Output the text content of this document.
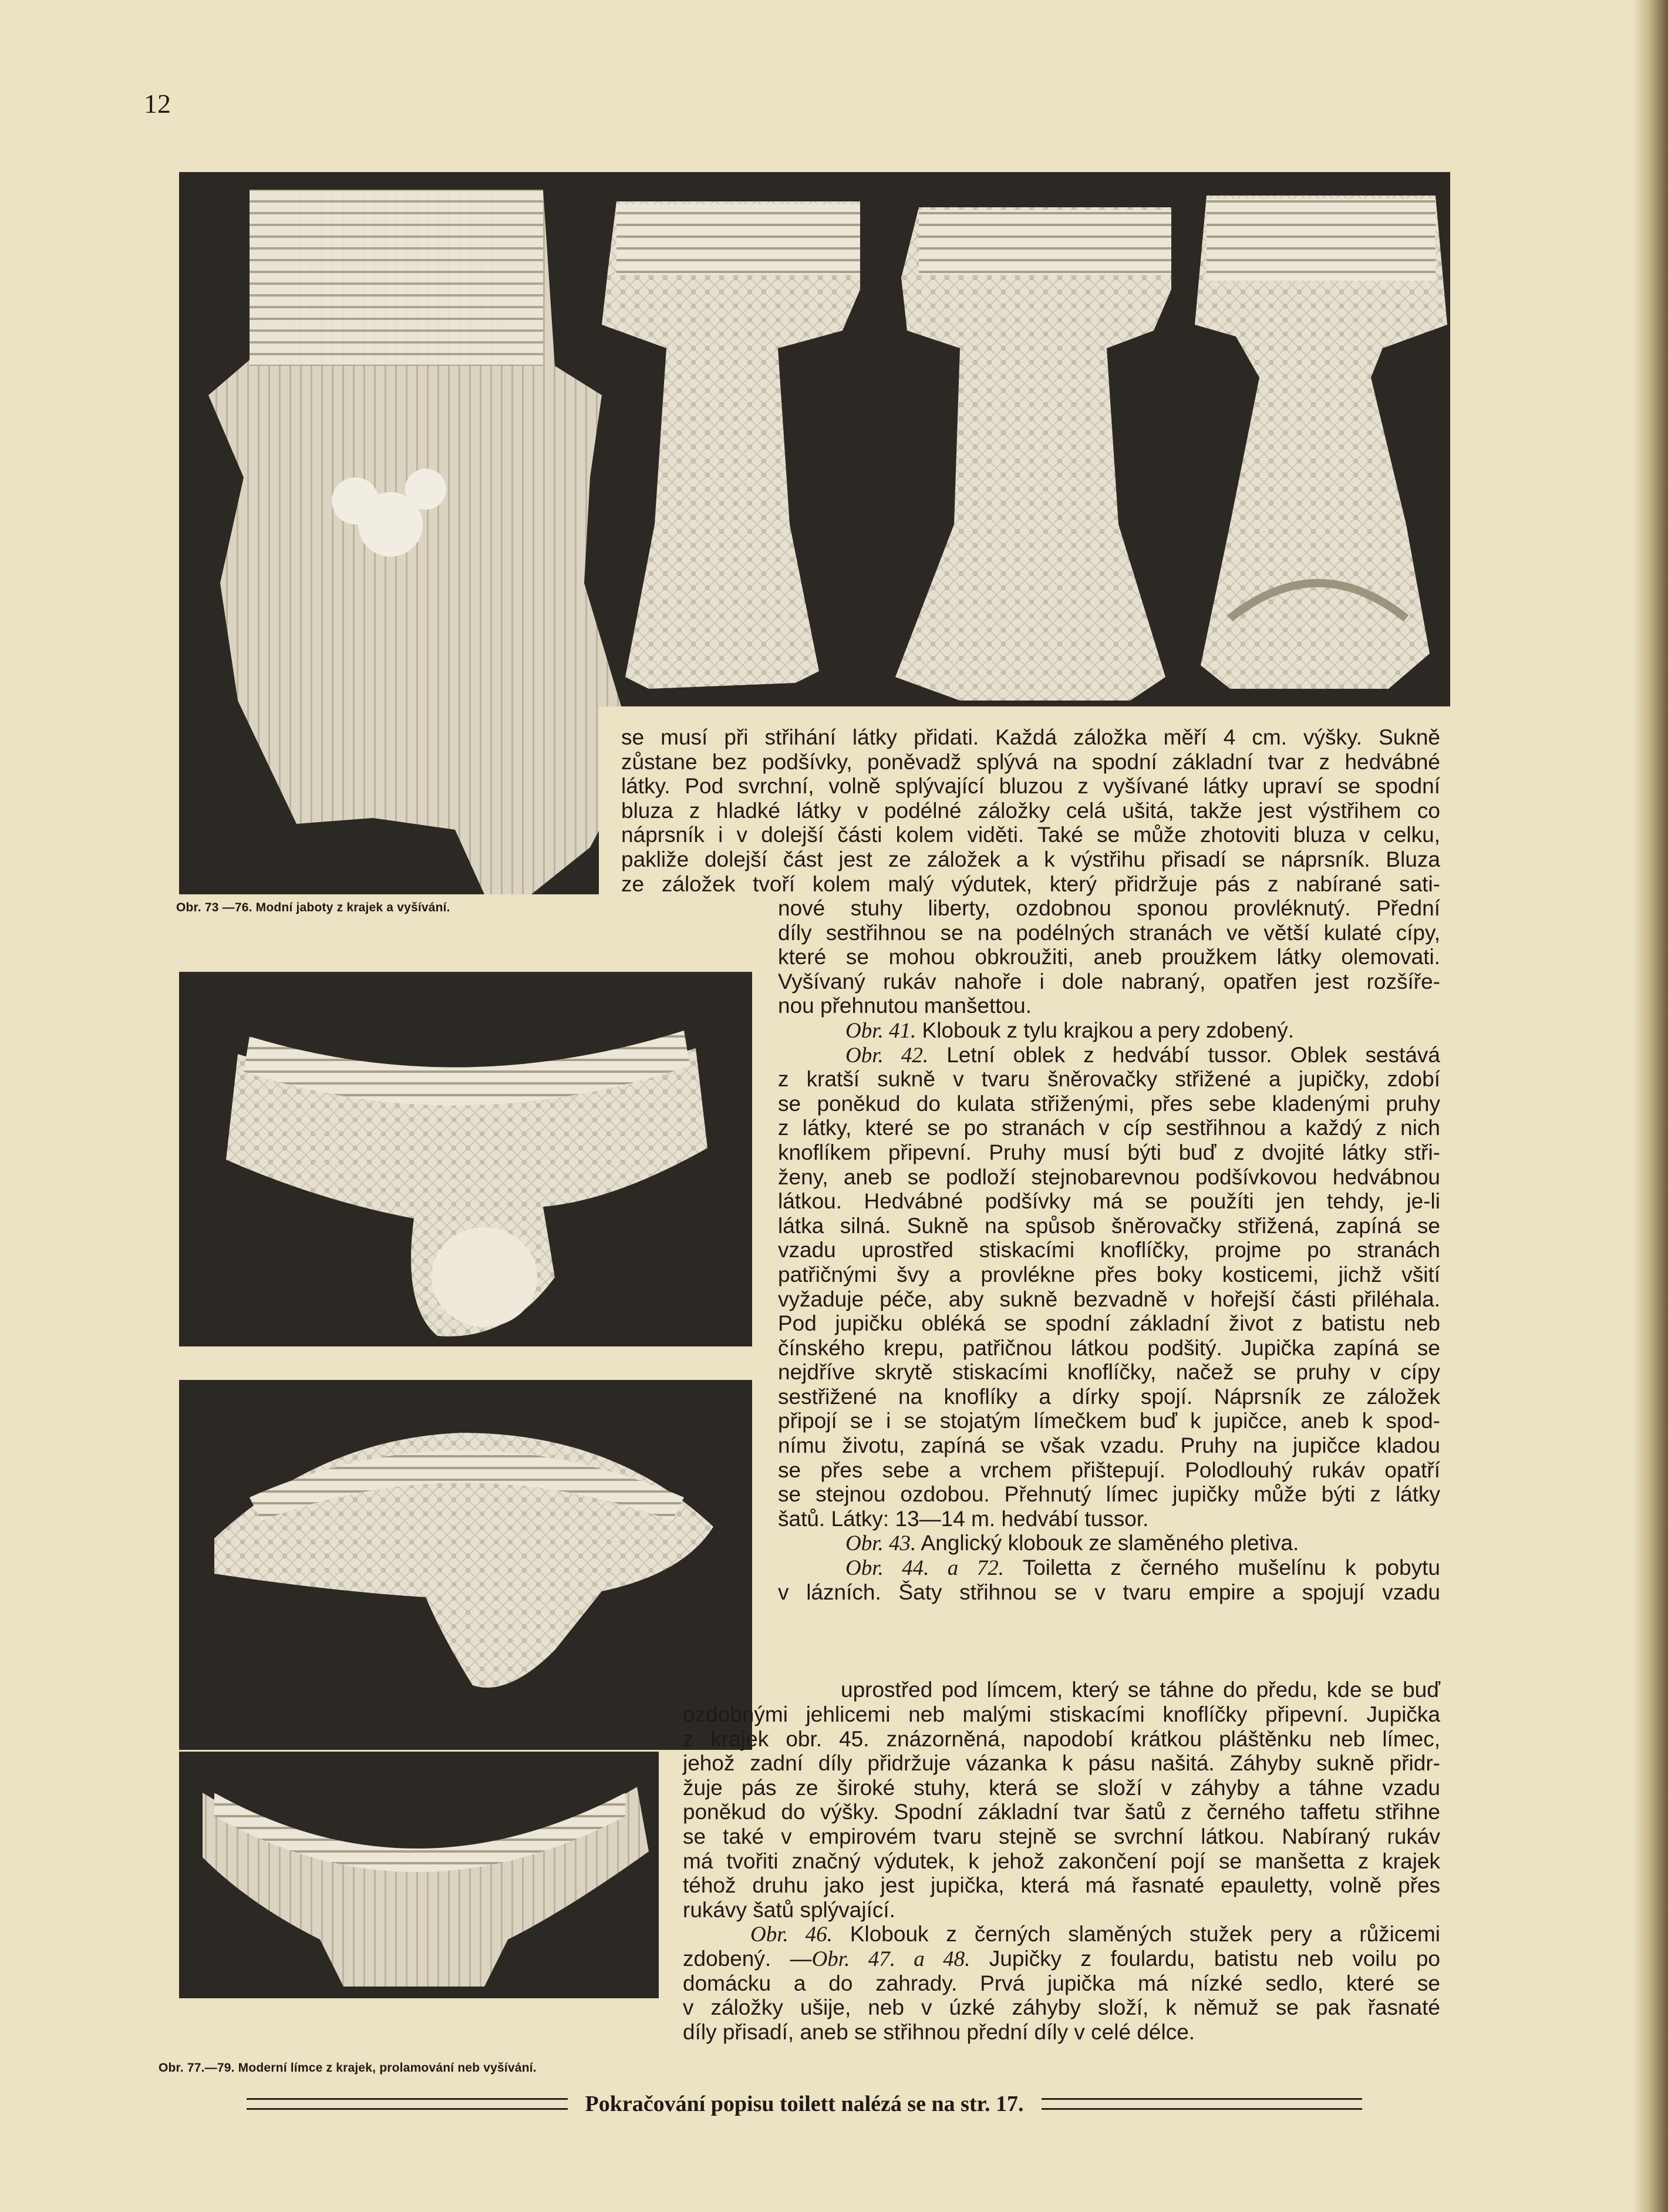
12
Obr. 73 —76. Modní jaboty z krajek a vyšívání.
Obr. 77.—79. Moderní límce z krajek, prolamování neb vyšívání.
se musí při střihání látky přidati. Každá záložka měří 4 cm. výšky. Sukně
zůstane bez podšívky, poněvadž splývá na spodní základní tvar z hedvábné
látky. Pod svrchní, volně splývající bluzou z vyšívané látky upraví se spodní
bluza z hladké látky v podélné záložky celá ušitá, takže jest výstřihem co
náprsník i v dolejší části kolem viděti. Také se může zhotoviti bluza v celku,
pakliže dolejší část jest ze záložek a k výstřihu přisadí se náprsník. Bluza
ze záložek tvoří kolem malý výdutek, který přidržuje pás z nabírané sati-
nové stuhy liberty, ozdobnou sponou provléknutý. Přední
díly sestřihnou se na podélných stranách ve větší kulaté cípy,
které se mohou obkroužiti, aneb proužkem látky olemovati.
Vyšívaný rukáv nahoře i dole nabraný, opatřen jest rozšíře-
nou přehnutou manšettou.
Obr. 41. Klobouk z tylu krajkou a pery zdobený.
Obr. 42. Letní oblek z hedvábí tussor. Oblek sestává
z kratší sukně v tvaru šněrovačky střižené a jupičky, zdobí
se poněkud do kulata střiženými, přes sebe kladenými pruhy
z látky, které se po stranách v cíp sestřihnou a každý z nich
knoflíkem připevní. Pruhy musí býti buď z dvojité látky stři-
ženy, aneb se podloží stejnobarevnou podšívkovou hedvábnou
látkou. Hedvábné podšívky má se použíti jen tehdy, je-li
látka silná. Sukně na spůsob šněrovačky střižená, zapíná se
vzadu uprostřed stiskacími knoflíčky, projme po stranách
patřičnými švy a provlékne přes boky kosticemi, jichž všití
vyžaduje péče, aby sukně bezvadně v hořejší části přiléhala.
Pod jupičku obléká se spodní základní život z batistu neb
čínského krepu, patřičnou látkou podšitý. Jupička zapíná se
nejdříve skrytě stiskacími knoflíčky, načež se pruhy v cípy
sestřižené na knoflíky a dírky spojí. Náprsník ze záložek
připojí se i se stojatým límečkem buď k jupičce, aneb k spod-
nímu životu, zapíná se však vzadu. Pruhy na jupičce kladou
se přes sebe a vrchem přištepují. Polodlouhý rukáv opatří
se stejnou ozdobou. Přehnutý límec jupičky může býti z látky
šatů. Látky: 13—14 m. hedvábí tussor.
Obr. 43. Anglický klobouk ze slaměného pletiva.
Obr. 44. a 72. Toiletta z černého mušelínu k pobytu
v lázních. Šaty střihnou se v tvaru empire a spojují vzadu
uprostřed pod límcem, který se táhne do předu, kde se buď
ozdobnými jehlicemi neb malými stiskacími knoflíčky připevní. Jupička
z krajek obr. 45. znázorněná, napodobí krátkou pláštěnku neb límec,
jehož zadní díly přidržuje vázanka k pásu našitá. Záhyby sukně přidr-
žuje pás ze široké stuhy, která se složí v záhyby a táhne vzadu
poněkud do výšky. Spodní základní tvar šatů z černého taffetu střihne
se také v empirovém tvaru stejně se svrchní látkou. Nabíraný rukáv
má tvořiti značný výdutek, k jehož zakončení pojí se manšetta z krajek
téhož druhu jako jest jupička, která má řasnaté epauletty, volně přes
rukávy šatů splývající.
Obr. 46. Klobouk z černých slaměných stužek pery a růžicemi
zdobený. —Obr. 47. a 48. Jupičky z foulardu, batistu neb voilu po
domácku a do zahrady. Prvá jupička má nízké sedlo, které se
v záložky ušije, neb v úzké záhyby složí, k němuž se pak řasnaté
díly přisadí, aneb se střihnou přední díly v celé délce.
Pokračování popisu toilett nalézá se na str. 17.
